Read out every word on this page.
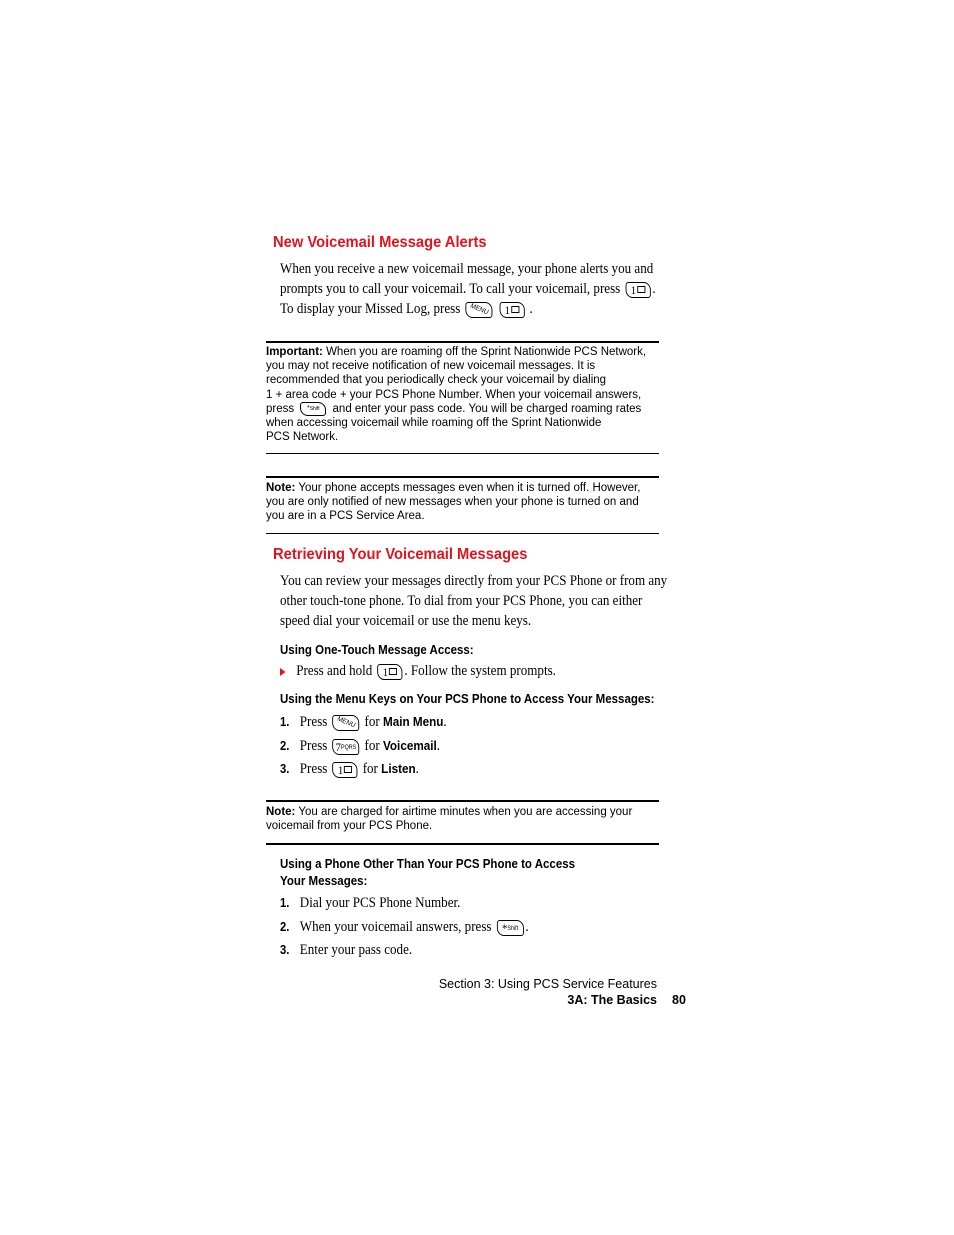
New Voicemail Message Alerts
When you receive a new voicemail message, your phone alerts you and
prompts you to call your voicemail. To call your voicemail, press 1 .
To display your Missed Log, press MENU 1 .
Important: When you are roaming off the Sprint Nationwide PCS Network,
you may not receive notification of new voicemail messages. It is
recommended that you periodically check your voicemail by dialing
1 + area code + your PCS Phone Number. When your voicemail answers,
press *Shift and enter your pass code. You will be charged roaming rates
when accessing voicemail while roaming off the Sprint Nationwide
PCS Network.
Note: Your phone accepts messages even when it is turned off. However,
you are only notified of new messages when your phone is turned on and
you are in a PCS Service Area.
Retrieving Your Voicemail Messages
You can review your messages directly from your PCS Phone or from any
other touch-tone phone. To dial from your PCS Phone, you can either
speed dial your voicemail or use the menu keys.
Using One-Touch Message Access:
Press and hold 1 . Follow the system prompts.
Using the Menu Keys on Your PCS Phone to Access Your Messages:
1. Press MENU for Main Menu.
2. Press 7PQRS for Voicemail.
3. Press 1 for Listen.
Note: You are charged for airtime minutes when you are accessing your
voicemail from your PCS Phone.
Using a Phone Other Than Your PCS Phone to Access
Your Messages:
1. Dial your PCS Phone Number.
2. When your voicemail answers, press *Shift .
3. Enter your pass code.
Section 3: Using PCS Service Features
3A: The Basics 80
